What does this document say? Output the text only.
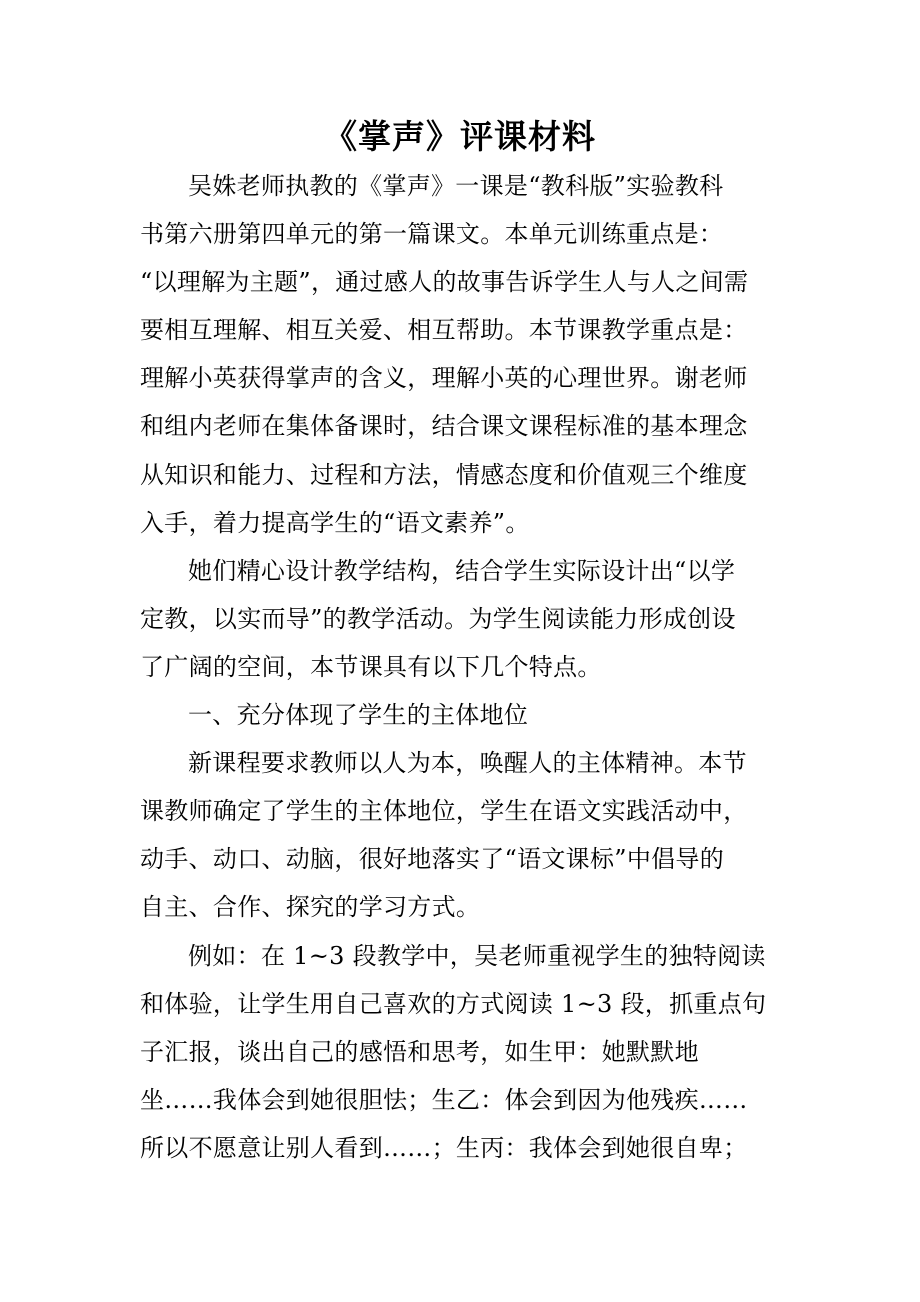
《掌声》评课材料
吴姝老师执教的《掌声》一课是“教科版”实验教科
书第六册第四单元的第一篇课文。本单元训练重点是：
“以理解为主题”，通过感人的故事告诉学生人与人之间需
要相互理解、相互关爱、相互帮助。本节课教学重点是：
理解小英获得掌声的含义，理解小英的心理世界。谢老师
和组内老师在集体备课时，结合课文课程标准的基本理念
从知识和能力、过程和方法，情感态度和价值观三个维度
入手，着力提高学生的“语文素养”。
她们精心设计教学结构，结合学生实际设计出“以学
定教，以实而导”的教学活动。为学生阅读能力形成创设
了广阔的空间，本节课具有以下几个特点。
一、充分体现了学生的主体地位
新课程要求教师以人为本，唤醒人的主体精神。本节
课教师确定了学生的主体地位，学生在语文实践活动中，
动手、动口、动脑，很好地落实了“语文课标”中倡导的
自主、合作、探究的学习方式。
例如：在 1~3 段教学中，吴老师重视学生的独特阅读
和体验，让学生用自己喜欢的方式阅读 1~3 段，抓重点句
子汇报，谈出自己的感悟和思考，如生甲：她默默地
坐……我体会到她很胆怯；生乙：体会到因为他残疾……
所以不愿意让别人看到……；生丙：我体会到她很自卑；
